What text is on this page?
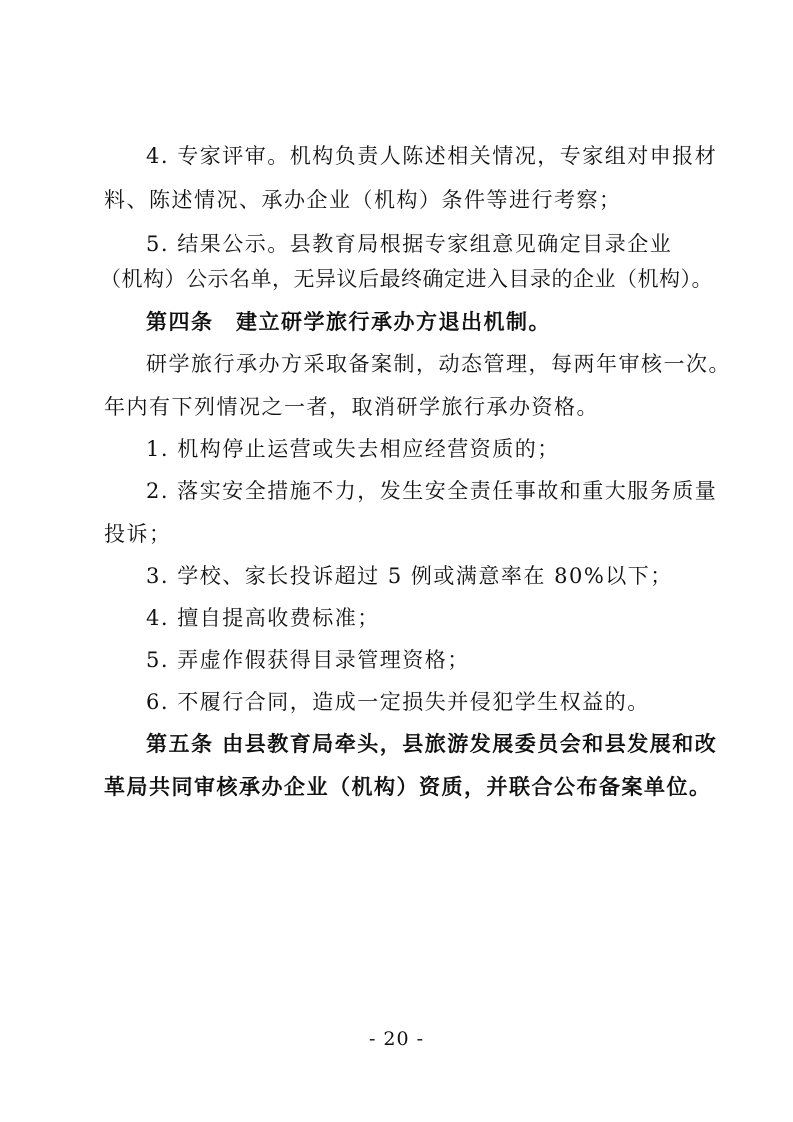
4. 专家评审。机构负责人陈述相关情况，专家组对申报材
料、陈述情况、承办企业（机构）条件等进行考察；
5. 结果公示。县教育局根据专家组意见确定目录企业
（机构）公示名单，无异议后最终确定进入目录的企业（机构）。
第四条　建立研学旅行承办方退出机制。
研学旅行承办方采取备案制，动态管理，每两年审核一次。
年内有下列情况之一者，取消研学旅行承办资格。
1. 机构停止运营或失去相应经营资质的；
2. 落实安全措施不力，发生安全责任事故和重大服务质量
投诉；
3. 学校、家长投诉超过 5 例或满意率在 80%以下；
4. 擅自提高收费标准；
5. 弄虚作假获得目录管理资格；
6. 不履行合同，造成一定损失并侵犯学生权益的。
第五条 由县教育局牵头，县旅游发展委员会和县发展和改
革局共同审核承办企业（机构）资质，并联合公布备案单位。
- 20 -
